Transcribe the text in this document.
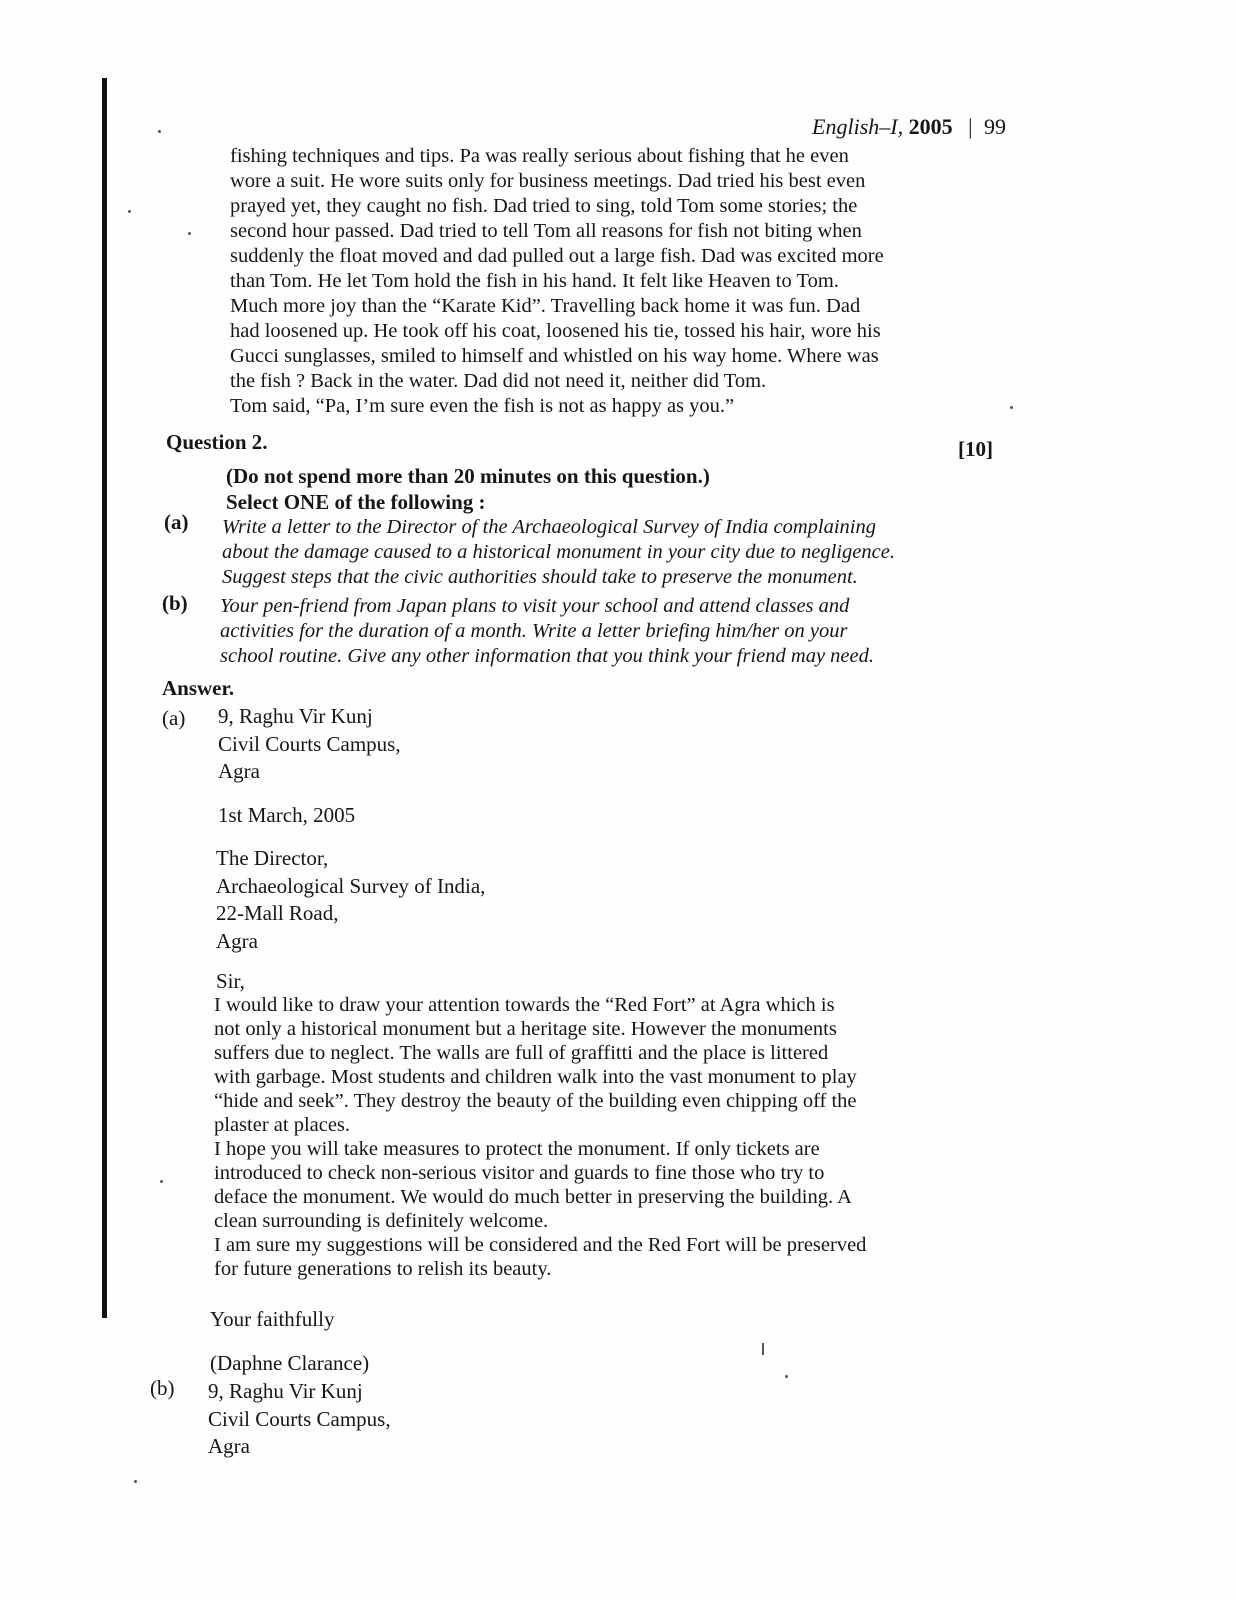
English–I, 2005 | 99
fishing techniques and tips. Pa was really serious about fishing that he even
wore a suit. He wore suits only for business meetings. Dad tried his best even
prayed yet, they caught no fish. Dad tried to sing, told Tom some stories; the
second hour passed. Dad tried to tell Tom all reasons for fish not biting when
suddenly the float moved and dad pulled out a large fish. Dad was excited more
than Tom. He let Tom hold the fish in his hand. It felt like Heaven to Tom.
Much more joy than the “Karate Kid”. Travelling back home it was fun. Dad
had loosened up. He took off his coat, loosened his tie, tossed his hair, wore his
Gucci sunglasses, smiled to himself and whistled on his way home. Where was
the fish ? Back in the water. Dad did not need it, neither did Tom.
Tom said, “Pa, I’m sure even the fish is not as happy as you.”
Question 2.	[10]
(Do not spend more than 20 minutes on this question.)
Select ONE of the following :
(a) Write a letter to the Director of the Archaeological Survey of India complaining
about the damage caused to a historical monument in your city due to negligence.
Suggest steps that the civic authorities should take to preserve the monument.
(b) Your pen-friend from Japan plans to visit your school and attend classes and
activities for the duration of a month. Write a letter briefing him/her on your
school routine. Give any other information that you think your friend may need.
Answer.
(a) 9, Raghu Vir Kunj
Civil Courts Campus,
Agra
1st March, 2005
The Director,
Archaeological Survey of India,
22-Mall Road,
Agra
Sir,
I would like to draw your attention towards the “Red Fort” at Agra which is
not only a historical monument but a heritage site. However the monuments
suffers due to neglect. The walls are full of graffitti and the place is littered
with garbage. Most students and children walk into the vast monument to play
“hide and seek”. They destroy the beauty of the building even chipping off the
plaster at places.
I hope you will take measures to protect the monument. If only tickets are
introduced to check non-serious visitor and guards to fine those who try to
deface the monument. We would do much better in preserving the building. A
clean surrounding is definitely welcome.
I am sure my suggestions will be considered and the Red Fort will be preserved
for future generations to relish its beauty.
Your faithfully
(Daphne Clarance)
(b) 9, Raghu Vir Kunj
Civil Courts Campus,
Agra
